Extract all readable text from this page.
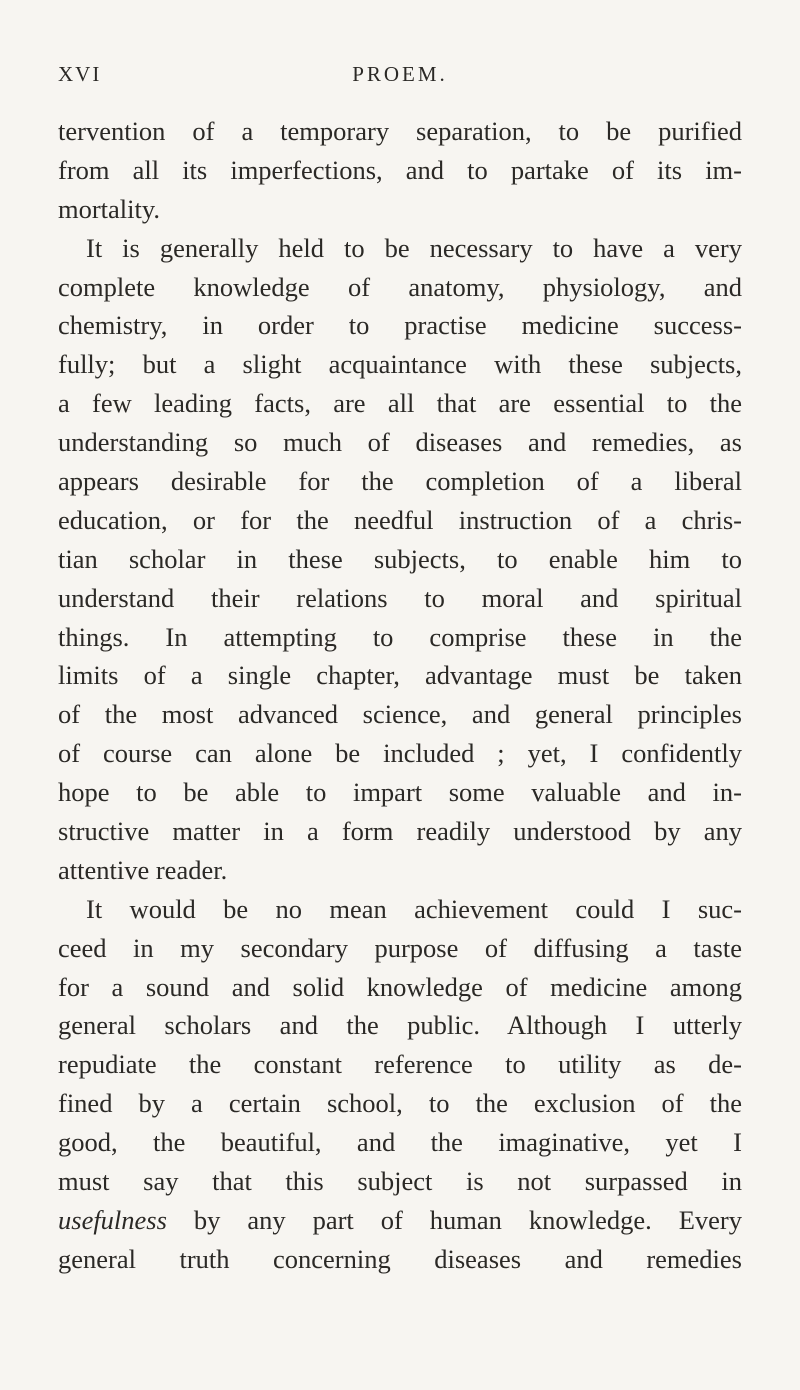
XVI	PROEM.
tervention of a temporary separation, to be purified
from all its imperfections, and to partake of its im-
mortality.
It is generally held to be necessary to have a very
complete knowledge of anatomy, physiology, and
chemistry, in order to practise medicine success-
fully; but a slight acquaintance with these subjects,
a few leading facts, are all that are essential to the
understanding so much of diseases and remedies, as
appears desirable for the completion of a liberal
education, or for the needful instruction of a chris-
tian scholar in these subjects, to enable him to
understand their relations to moral and spiritual
things. In attempting to comprise these in the
limits of a single chapter, advantage must be taken
of the most advanced science, and general principles
of course can alone be included ; yet, I confidently
hope to be able to impart some valuable and in-
structive matter in a form readily understood by any
attentive reader.
It would be no mean achievement could I suc-
ceed in my secondary purpose of diffusing a taste
for a sound and solid knowledge of medicine among
general scholars and the public. Although I utterly
repudiate the constant reference to utility as de-
fined by a certain school, to the exclusion of the
good, the beautiful, and the imaginative, yet I
must say that this subject is not surpassed in
usefulness by any part of human knowledge. Every
general truth concerning diseases and remedies
